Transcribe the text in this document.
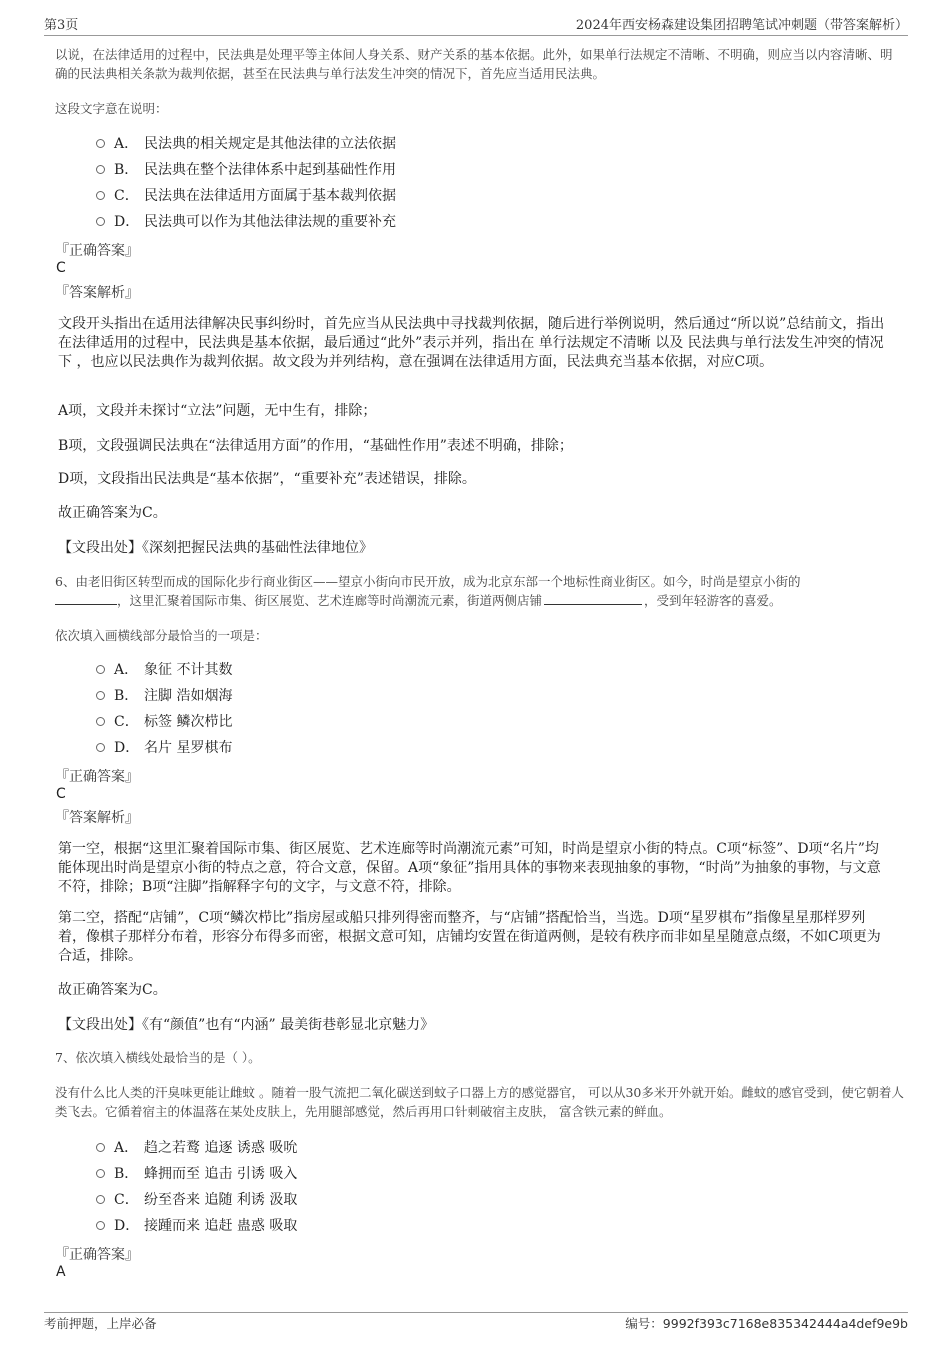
第3页	2024年西安杨森建设集团招聘笔试冲刺题（带答案解析）
以说，在法律适用的过程中，民法典是处理平等主体间人身关系、财产关系的基本依据。此外，如果单行法规定不清晰、不明确，则应当以内容清晰、明确的民法典相关条款为裁判依据，甚至在民法典与单行法发生冲突的情况下，首先应当适用民法典。
这段文字意在说明：
A． 民法典的相关规定是其他法律的立法依据
B． 民法典在整个法律体系中起到基础性作用
C． 民法典在法律适用方面属于基本裁判依据
D． 民法典可以作为其他法律法规的重要补充
『正确答案』
C
『答案解析』
文段开头指出在适用法律解决民事纠纷时，首先应当从民法典中寻找裁判依据，随后进行举例说明，然后通过“所以说”总结前文，指出在法律适用的过程中，民法典是基本依据，最后通过“此外”表示并列，指出在 单行法规定不清晰 以及 民法典与单行法发生冲突的情况下 ，也应以民法典作为裁判依据。故文段为并列结构，意在强调在法律适用方面，民法典充当基本依据，对应C项。
A项，文段并未探讨“立法”问题，无中生有，排除；
B项，文段强调民法典在“法律适用方面”的作用，“基础性作用”表述不明确，排除；
D项，文段指出民法典是“基本依据”，“重要补充”表述错误，排除。
故正确答案为C。
【文段出处】《深刻把握民法典的基础性法律地位》
6、由老旧街区转型而成的国际化步行商业街区——望京小街向市民开放，成为北京东部一个地标性商业街区。如今，时尚是望京小街的
，这里汇聚着国际市集、街区展览、艺术连廊等时尚潮流元素，街道两侧店铺	，受到年轻游客的喜爱。
依次填入画横线部分最恰当的一项是：
A． 象征 不计其数
B． 注脚 浩如烟海
C． 标签 鳞次栉比
D． 名片 星罗棋布
『正确答案』
C
『答案解析』
第一空，根据“这里汇聚着国际市集、街区展览、艺术连廊等时尚潮流元素”可知，时尚是望京小街的特点。C项“标签”、D项“名片”均能体现出时尚是望京小街的特点之意，符合文意，保留。A项“象征”指用具体的事物来表现抽象的事物，“时尚”为抽象的事物，与文意不符，排除；B项“注脚”指解释字句的文字，与文意不符，排除。
第二空，搭配“店铺”，C项“鳞次栉比”指房屋或船只排列得密而整齐，与“店铺”搭配恰当，当选。D项“星罗棋布”指像星星那样罗列着，像棋子那样分布着，形容分布得多而密，根据文意可知，店铺均安置在街道两侧，是较有秩序而非如星星随意点缀，不如C项更为合适，排除。
故正确答案为C。
【文段出处】《有“颜值”也有“内涵” 最美街巷彰显北京魅力》
7、依次填入横线处最恰当的是（ ）。
没有什么比人类的汗臭味更能让雌蚊 。随着一股气流把二氧化碳送到蚊子口器上方的感觉器官， 可以从30多米开外就开始。雌蚊的感官受到，使它朝着人类飞去。它循着宿主的体温落在某处皮肤上，先用腿部感觉，然后再用口针刺破宿主皮肤， 富含铁元素的鲜血。
A． 趋之若鹜 追逐 诱惑 吸吮
B． 蜂拥而至 追击 引诱 吸入
C． 纷至沓来 追随 利诱 汲取
D． 接踵而来 追赶 蛊惑 吸取
『正确答案』
A
考前押题，上岸必备	编号：9992f393c7168e835342444a4def9e9b
